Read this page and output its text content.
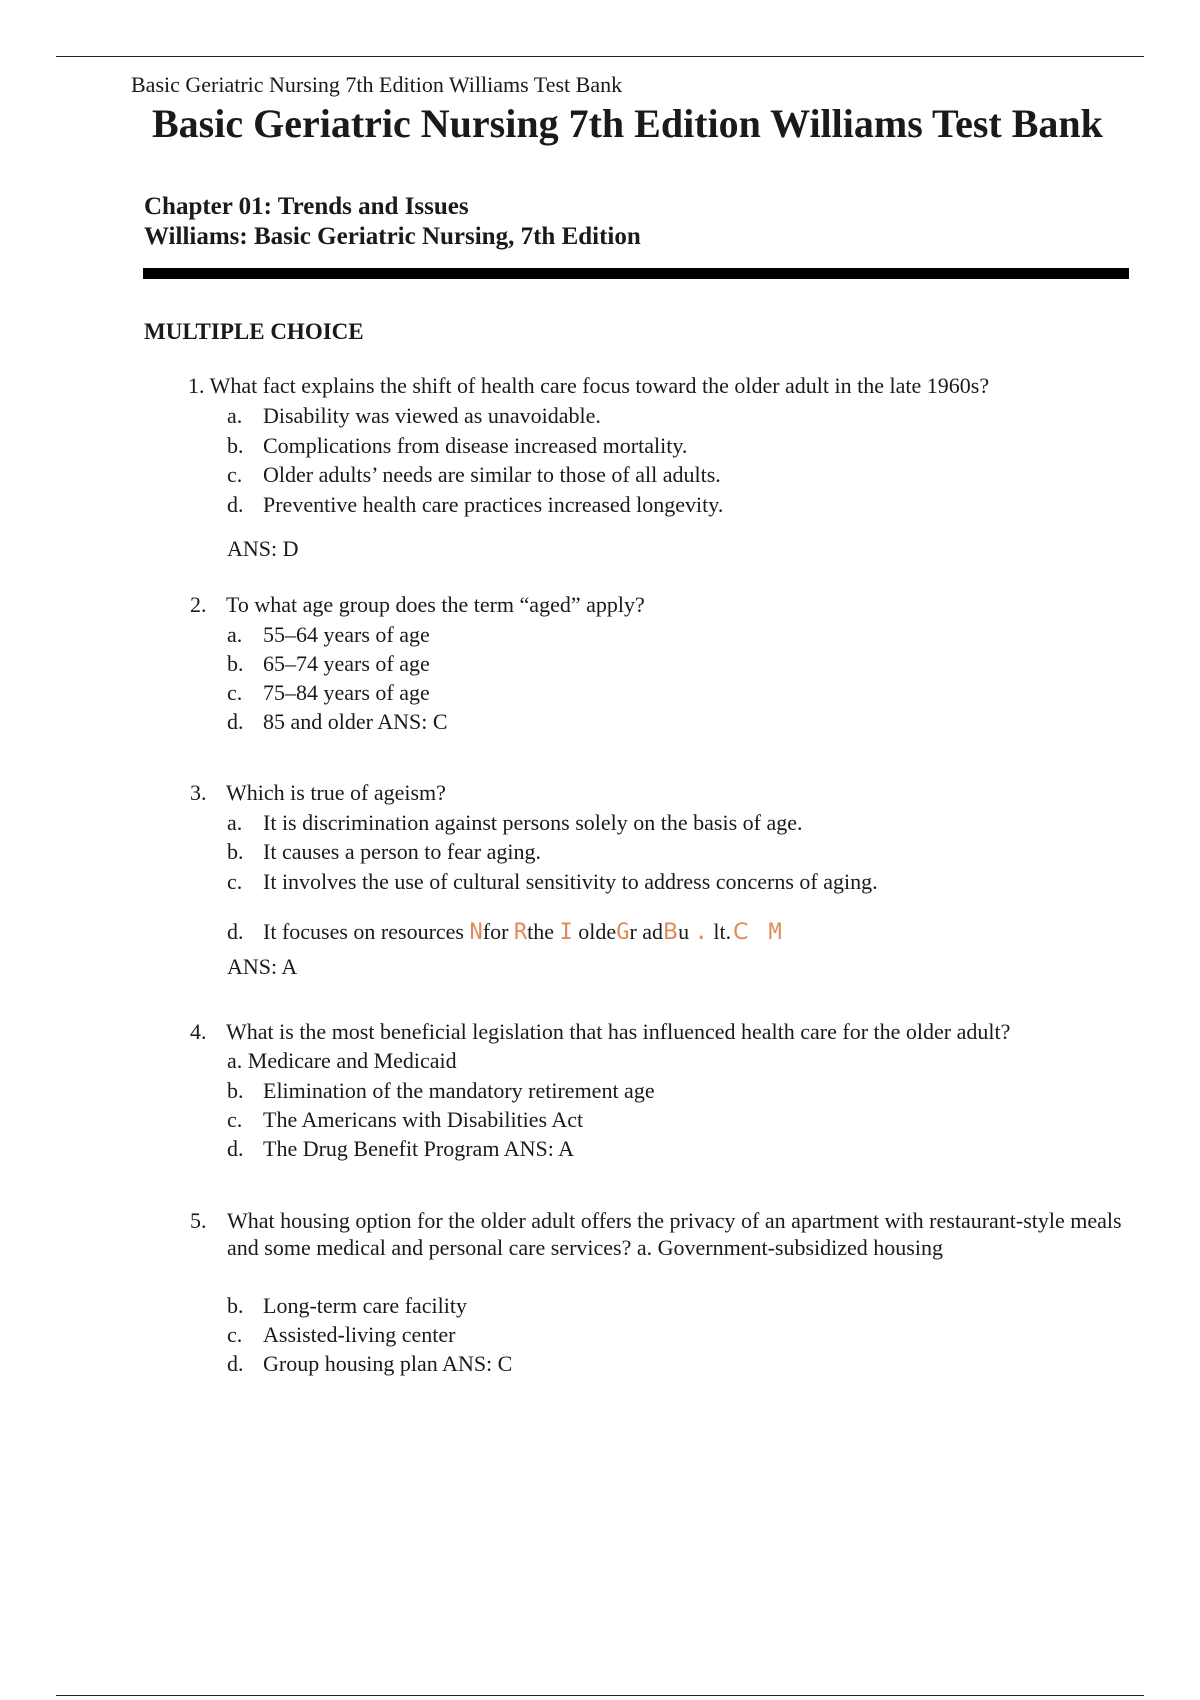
Basic Geriatric Nursing 7th Edition Williams Test Bank
Basic Geriatric Nursing 7th Edition Williams Test Bank
Chapter 01: Trends and Issues
Williams: Basic Geriatric Nursing, 7th Edition
MULTIPLE CHOICE
1. What fact explains the shift of health care focus toward the older adult in the late 1960s?
a. Disability was viewed as unavoidable.
b. Complications from disease increased mortality.
c. Older adults’ needs are similar to those of all adults.
d. Preventive health care practices increased longevity.
ANS: D
2. To what age group does the term “aged” apply?
a. 55–64 years of age
b. 65–74 years of age
c. 75–84 years of age
d. 85 and older ANS: C
3. Which is true of ageism?
a. It is discrimination against persons solely on the basis of age.
b. It causes a person to fear aging.
c. It involves the use of cultural sensitivity to address concerns of aging.
d. It focuses on resources Nfor Rthe I oldeGr adBu . lt.C M
ANS: A
4. What is the most beneficial legislation that has influenced health care for the older adult?
a. Medicare and Medicaid
b. Elimination of the mandatory retirement age
c. The Americans with Disabilities Act
d. The Drug Benefit Program ANS: A
5. What housing option for the older adult offers the privacy of an apartment with restaurant-style meals and some medical and personal care services? a. Government-subsidized housing
b. Long-term care facility
c. Assisted-living center
d. Group housing plan ANS: C
